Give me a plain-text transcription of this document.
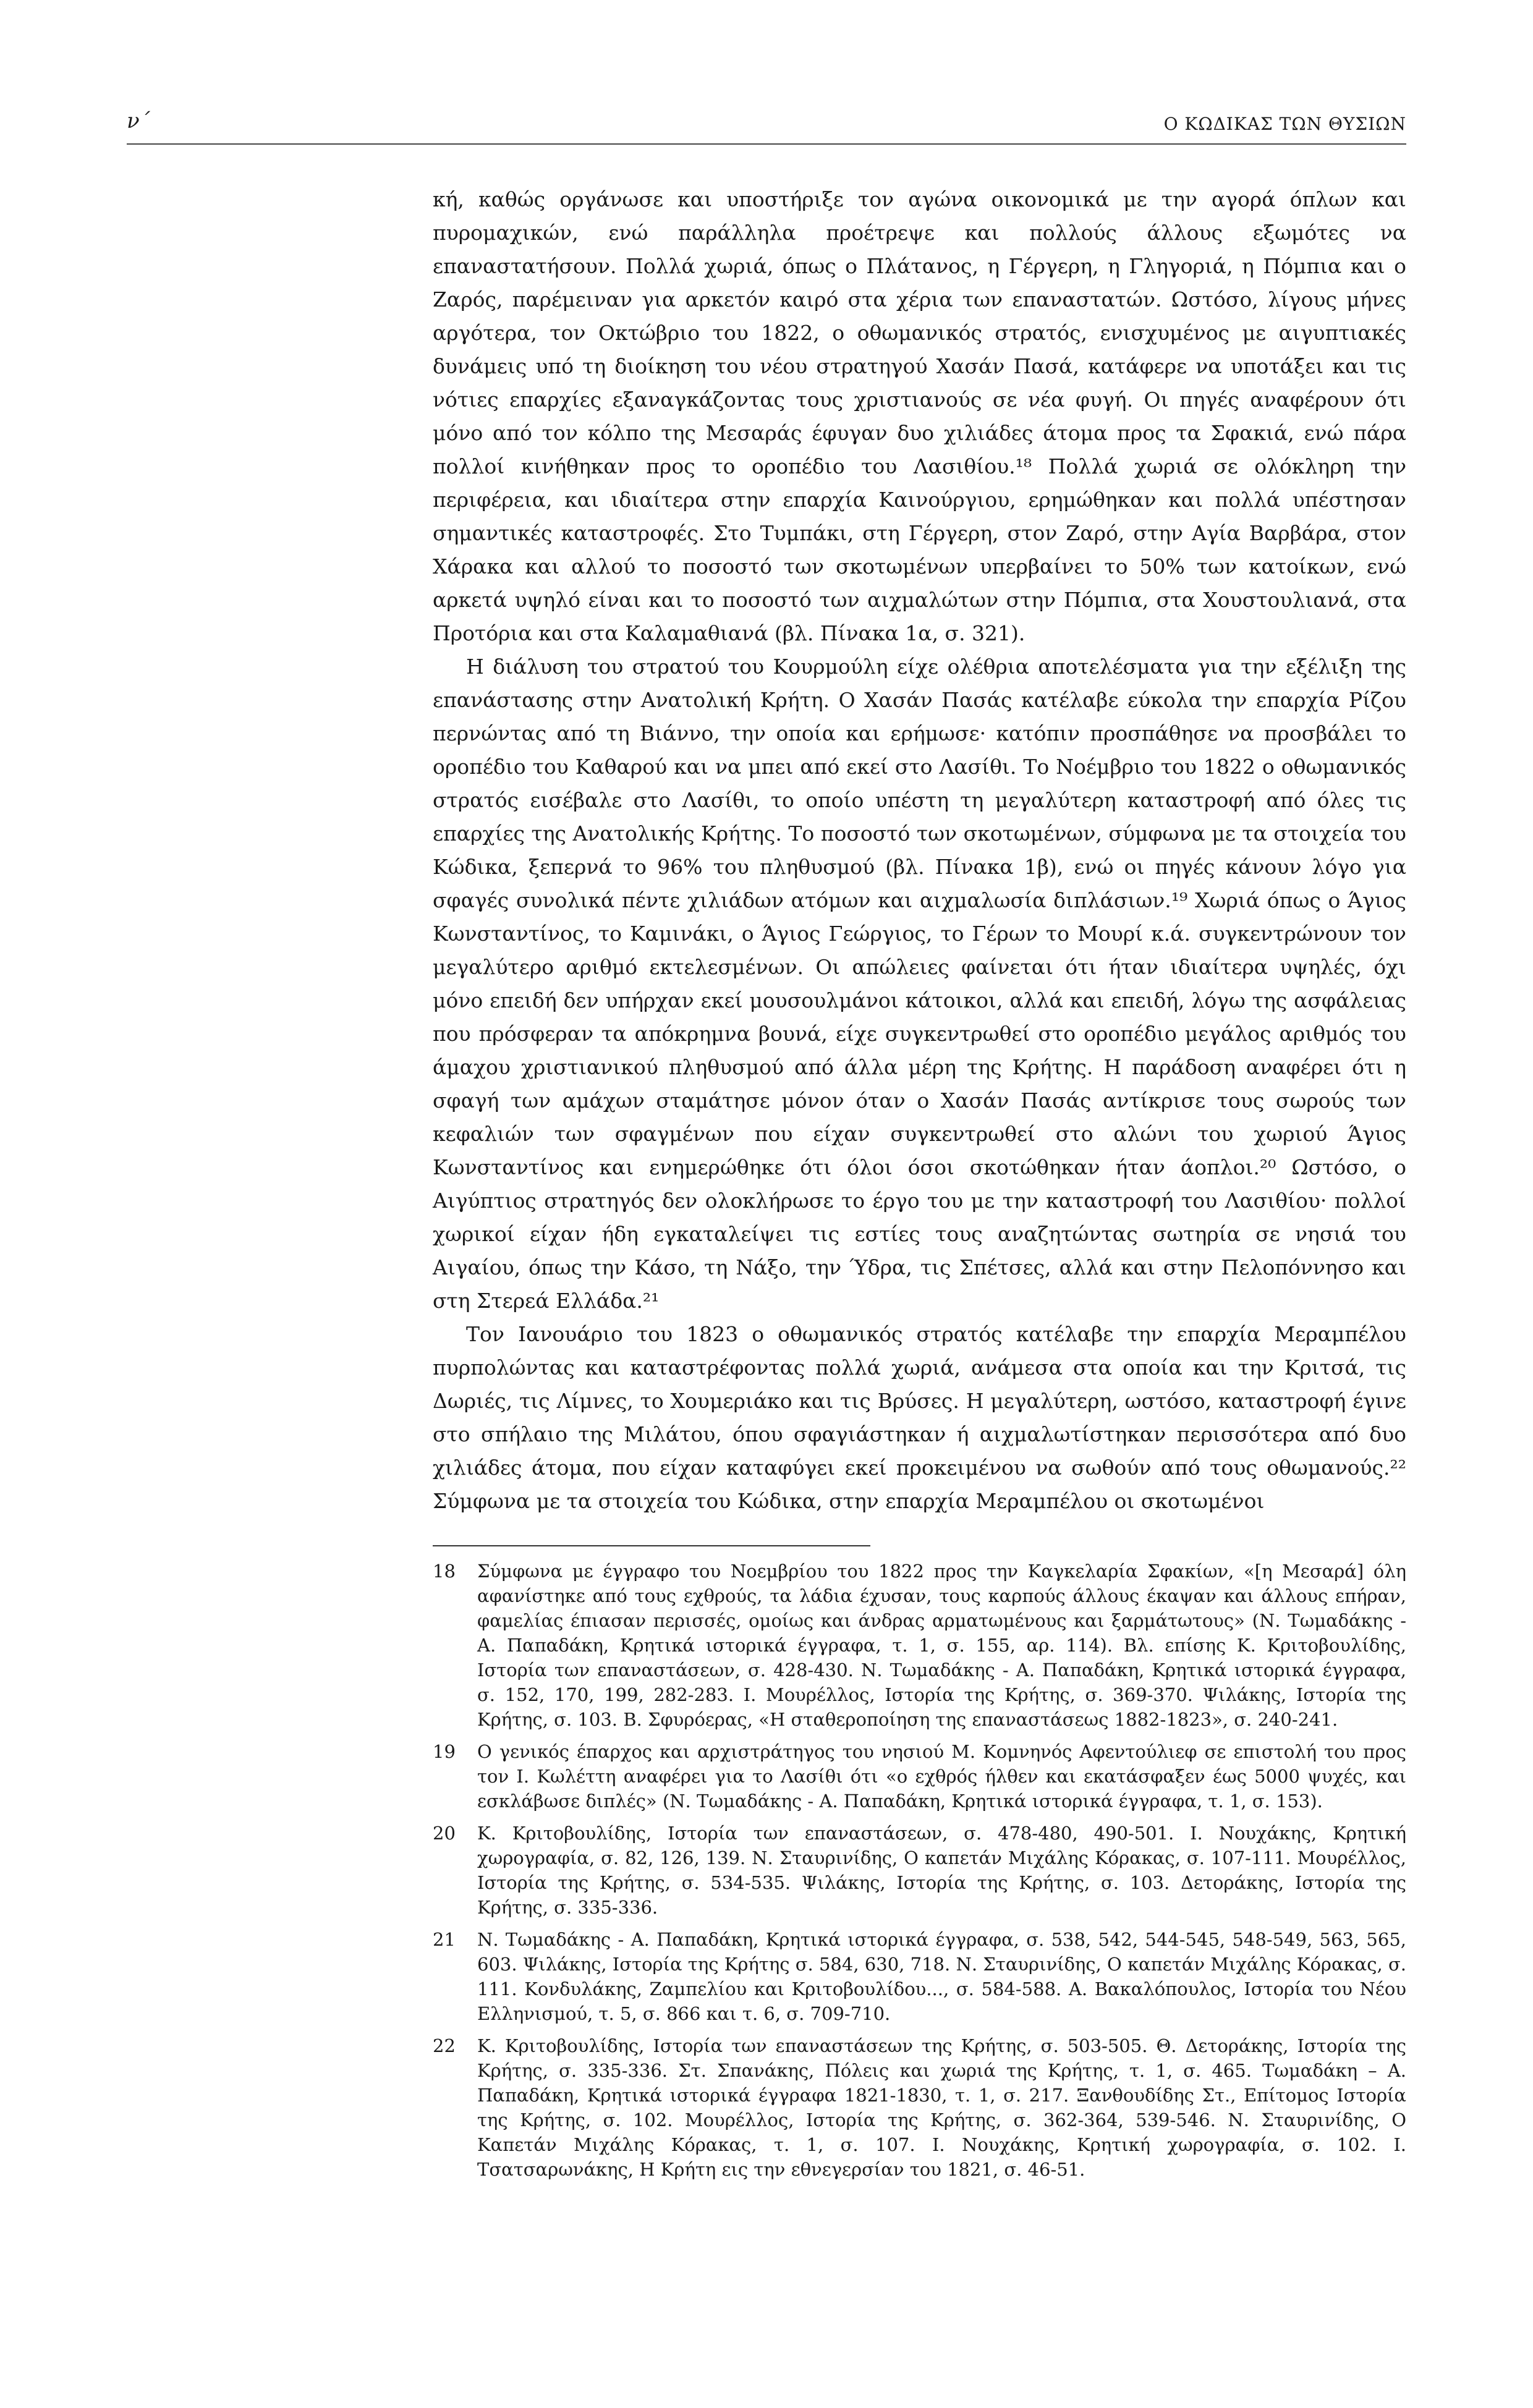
ν΄	Ο ΚΩΔΙΚΑΣ ΤΩΝ ΘΥΣΙΩΝ

κή, καθώς οργάνωσε και υποστήριξε τον αγώνα οικονομικά με την αγορά όπλων και πυρομαχικών, ενώ παράλληλα προέτρεψε και πολλούς άλλους εξωμότες να επαναστατήσουν. Πολλά χωριά, όπως ο Πλάτανος, η Γέργερη, η Γληγοριά, η Πόμπια και ο Ζαρός, παρέμειναν για αρκετόν καιρό στα χέρια των επαναστατών. Ωστόσο, λίγους μήνες αργότερα, τον Οκτώβριο του 1822, ο οθωμανικός στρατός, ενισχυμένος με αιγυπτιακές δυνάμεις υπό τη διοίκηση του νέου στρατηγού Χασάν Πασά, κατάφερε να υποτάξει και τις νότιες επαρχίες εξαναγκάζοντας τους χριστιανούς σε νέα φυγή. Οι πηγές αναφέρουν ότι μόνο από τον κόλπο της Μεσαράς έφυγαν δυο χιλιάδες άτομα προς τα Σφακιά, ενώ πάρα πολλοί κινήθηκαν προς το οροπέδιο του Λασιθίου.¹⁸ Πολλά χωριά σε ολόκληρη την περιφέρεια, και ιδιαίτερα στην επαρχία Καινούργιου, ερημώθηκαν και πολλά υπέστησαν σημαντικές καταστροφές. Στο Τυμπάκι, στη Γέργερη, στον Ζαρό, στην Αγία Βαρβάρα, στον Χάρακα και αλλού το ποσοστό των σκοτωμένων υπερβαίνει το 50% των κατοίκων, ενώ αρκετά υψηλό είναι και το ποσοστό των αιχμαλώτων στην Πόμπια, στα Χουστουλιανά, στα Προτόρια και στα Καλαμαθιανά (βλ. Πίνακα 1α, σ. 321).

Η διάλυση του στρατού του Κουρμούλη είχε ολέθρια αποτελέσματα για την εξέλιξη της επανάστασης στην Ανατολική Κρήτη. Ο Χασάν Πασάς κατέλαβε εύκολα την επαρχία Ρίζου περνώντας από τη Βιάννο, την οποία και ερήμωσε· κατόπιν προσπάθησε να προσβάλει το οροπέδιο του Καθαρού και να μπει από εκεί στο Λασίθι. Το Νοέμβριο του 1822 ο οθωμανικός στρατός εισέβαλε στο Λασίθι, το οποίο υπέστη τη μεγαλύτερη καταστροφή από όλες τις επαρχίες της Ανατολικής Κρήτης. Το ποσοστό των σκοτωμένων, σύμφωνα με τα στοιχεία του Κώδικα, ξεπερνά το 96% του πληθυσμού (βλ. Πίνακα 1β), ενώ οι πηγές κάνουν λόγο για σφαγές συνολικά πέντε χιλιάδων ατόμων και αιχμαλωσία διπλάσιων.¹⁹ Χωριά όπως ο Άγιος Κωνσταντίνος, το Καμινάκι, ο Άγιος Γεώργιος, το Γέρων το Μουρί κ.ά. συγκεντρώνουν τον μεγαλύτερο αριθμό εκτελεσμένων. Οι απώλειες φαίνεται ότι ήταν ιδιαίτερα υψηλές, όχι μόνο επειδή δεν υπήρχαν εκεί μουσουλμάνοι κάτοικοι, αλλά και επειδή, λόγω της ασφάλειας που πρόσφεραν τα απόκρημνα βουνά, είχε συγκεντρωθεί στο οροπέδιο μεγάλος αριθμός του άμαχου χριστιανικού πληθυσμού από άλλα μέρη της Κρήτης. Η παράδοση αναφέρει ότι η σφαγή των αμάχων σταμάτησε μόνον όταν ο Χασάν Πασάς αντίκρισε τους σωρούς των κεφαλιών των σφαγμένων που είχαν συγκεντρωθεί στο αλώνι του χωριού Άγιος Κωνσταντίνος και ενημερώθηκε ότι όλοι όσοι σκοτώθηκαν ήταν άοπλοι.²⁰ Ωστόσο, ο Αιγύπτιος στρατηγός δεν ολοκλήρωσε το έργο του με την καταστροφή του Λασιθίου· πολλοί χωρικοί είχαν ήδη εγκαταλείψει τις εστίες τους αναζητώντας σωτηρία σε νησιά του Αιγαίου, όπως την Κάσο, τη Νάξο, την Ύδρα, τις Σπέτσες, αλλά και στην Πελοπόννησο και στη Στερεά Ελλάδα.²¹

Τον Ιανουάριο του 1823 ο οθωμανικός στρατός κατέλαβε την επαρχία Μεραμπέλου πυρπολώντας και καταστρέφοντας πολλά χωριά, ανάμεσα στα οποία και την Κριτσά, τις Δωριές, τις Λίμνες, το Χουμεριάκο και τις Βρύσες. Η μεγαλύτερη, ωστόσο, καταστροφή έγινε στο σπήλαιο της Μιλάτου, όπου σφαγιάστηκαν ή αιχμαλωτίστηκαν περισσότερα από δυο χιλιάδες άτομα, που είχαν καταφύγει εκεί προκειμένου να σωθούν από τους οθωμανούς.²² Σύμφωνα με τα στοιχεία του Κώδικα, στην επαρχία Μεραμπέλου οι σκοτωμένοι

18	Σύμφωνα με έγγραφο του Νοεμβρίου του 1822 προς την Καγκελαρία Σφακίων, «[η Μεσαρά] όλη αφανίστηκε από τους εχθρούς, τα λάδια έχυσαν, τους καρπούς άλλους έκαψαν και άλλους επήραν, φαμελίας έπιασαν περισσές, ομοίως και άνδρας αρματωμένους και ξαρμάτωτους» (Ν. Τωμαδάκης - Α. Παπαδάκη, Κρητικά ιστορικά έγγραφα, τ. 1, σ. 155, αρ. 114). Βλ. επίσης Κ. Κριτοβουλίδης, Ιστορία των επαναστάσεων, σ. 428-430. Ν. Τωμαδάκης - Α. Παπαδάκη, Κρητικά ιστορικά έγγραφα, σ. 152, 170, 199, 282-283. Ι. Μουρέλλος, Ιστορία της Κρήτης, σ. 369-370. Ψιλάκης, Ιστορία της Κρήτης, σ. 103. Β. Σφυρόερας, «Η σταθεροποίηση της επαναστάσεως 1882-1823», σ. 240-241.
19	Ο γενικός έπαρχος και αρχιστράτηγος του νησιού Μ. Κομνηνός Αφεντούλιεφ σε επιστολή του προς τον Ι. Κωλέττη αναφέρει για το Λασίθι ότι «ο εχθρός ήλθεν και εκατάσφαξεν έως 5000 ψυχές, και εσκλάβωσε διπλές» (Ν. Τωμαδάκης - Α. Παπαδάκη, Κρητικά ιστορικά έγγραφα, τ. 1, σ. 153).
20	Κ. Κριτοβουλίδης, Ιστορία των επαναστάσεων, σ. 478-480, 490-501. Ι. Νουχάκης, Κρητική χωρογραφία, σ. 82, 126, 139. Ν. Σταυρινίδης, Ο καπετάν Μιχάλης Κόρακας, σ. 107-111. Μουρέλλος, Ιστορία της Κρήτης, σ. 534-535. Ψιλάκης, Ιστορία της Κρήτης, σ. 103. Δετοράκης, Ιστορία της Κρήτης, σ. 335-336.
21	Ν. Τωμαδάκης - Α. Παπαδάκη, Κρητικά ιστορικά έγγραφα, σ. 538, 542, 544-545, 548-549, 563, 565, 603. Ψιλάκης, Ιστορία της Κρήτης σ. 584, 630, 718. Ν. Σταυρινίδης, Ο καπετάν Μιχάλης Κόρακας, σ. 111. Κονδυλάκης, Ζαμπελίου και Κριτοβουλίδου..., σ. 584-588. Α. Βακαλόπουλος, Ιστορία του Νέου Ελληνισμού, τ. 5, σ. 866 και τ. 6, σ. 709-710.
22	Κ. Κριτοβουλίδης, Ιστορία των επαναστάσεων της Κρήτης, σ. 503-505. Θ. Δετοράκης, Ιστορία της Κρήτης, σ. 335-336. Στ. Σπανάκης, Πόλεις και χωριά της Κρήτης, τ. 1, σ. 465. Τωμαδάκη – Α. Παπαδάκη, Κρητικά ιστορικά έγγραφα 1821-1830, τ. 1, σ. 217. Ξανθουδίδης Στ., Επίτομος Ιστορία της Κρήτης, σ. 102. Μουρέλλος, Ιστορία της Κρήτης, σ. 362-364, 539-546. Ν. Σταυρινίδης, Ο Καπετάν Μιχάλης Κόρακας, τ. 1, σ. 107. Ι. Νουχάκης, Κρητική χωρογραφία, σ. 102. Ι. Τσατσαρωνάκης, Η Κρήτη εις την εθνεγερσίαν του 1821, σ. 46-51.
